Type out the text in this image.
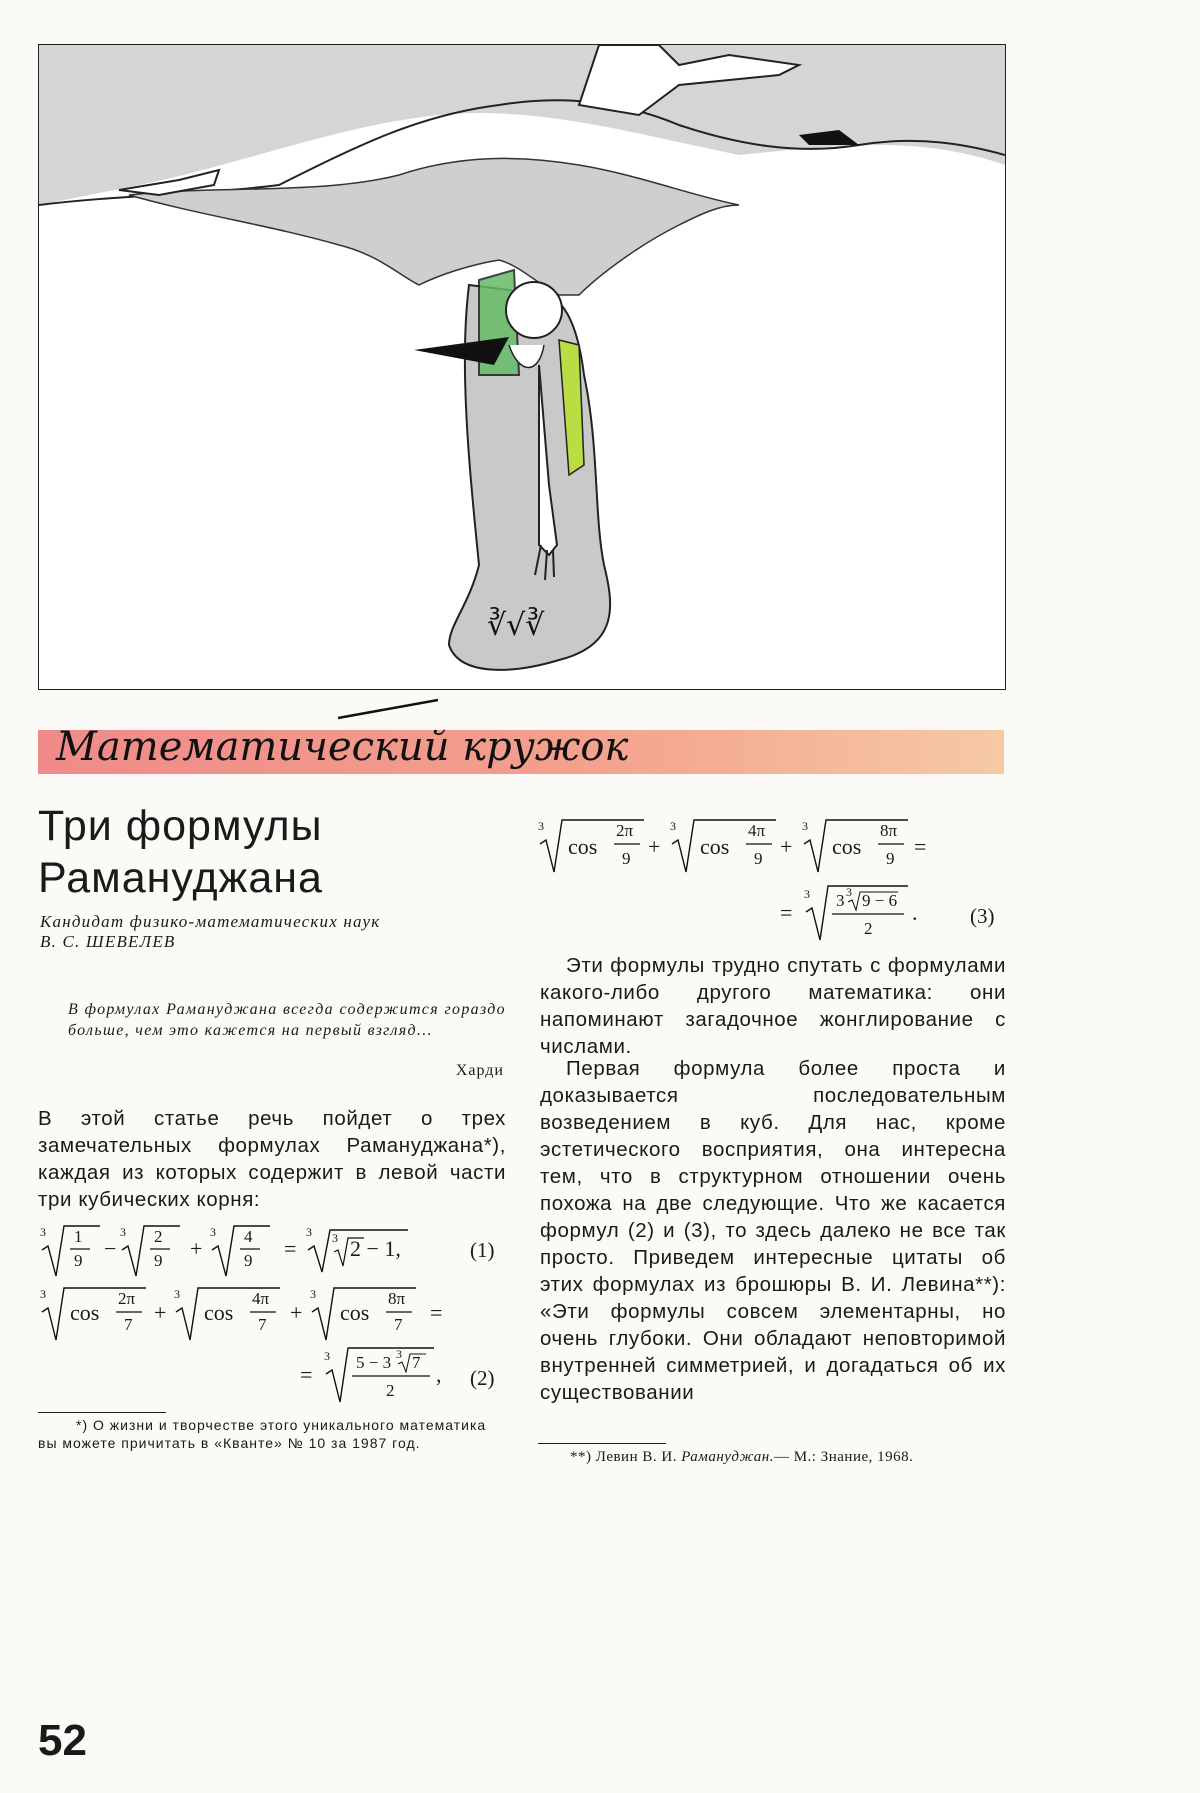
∛√∛
Математический кружок
Три формулы Рамануджана
Кандидат физико-математических наук
В. С. ШЕВЕЛЕВ
В формулах Рамануджана всегда содержится гораздо больше, чем это кажется на первый взгляд...
Харди

В этой статье речь пойдет о трех замечательных формулах Рамануджана*), каждая из которых содержит в левой части три кубических корня:

3 1
9 −
3 2
9 +
3 4
9 =
3 3 2 − 1,	(1)
3
cos
2π
7 +
3
cos
4π
7 +
3
cos
8π
7 =
=
3 5 − 3 3 7
2
, (2)
3
cos
2π
9 +
3
cos
4π
9 +
3
cos
8π
9 =
=
3 3 3 9 − 6
2
.	(3)

Эти формулы трудно спутать с формулами какого-либо другого математика: они напоминают загадочное жонглирование с числами.

Первая формула более проста и доказывается последовательным возведением в куб. Для нас, кроме эстетического восприятия, она интересна тем, что в структурном отношении очень похожа на две следующие. Что же касается формул (2) и (3), то здесь далеко не все так просто. Приведем интересные цитаты об этих формулах из брошюры В. И. Левина**): «Эти формулы совсем элементарны, но очень глубоки. Они обладают неповторимой внутренней симметрией, и догадаться об их существовании

*) О жизни и творчестве этого уникального математика вы можете причитать в «Кванте» № 10 за 1987 год.
**) Левин В. И. Рамануджан.— М.: Знание, 1968.
52
